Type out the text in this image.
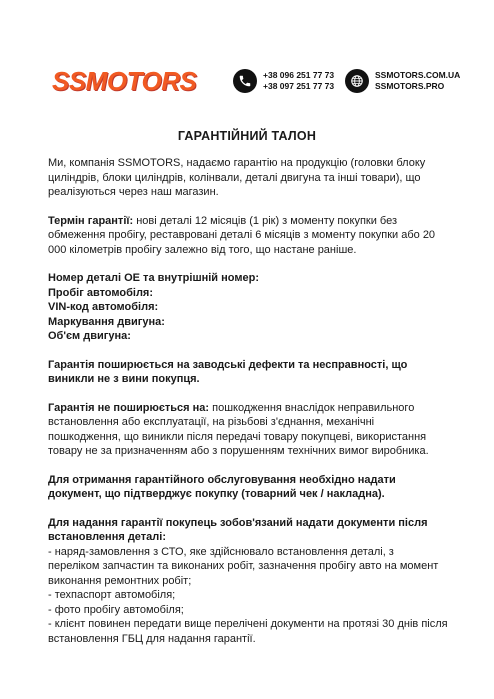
SSMOTORS	+38 096 251 77 73
+38 097 251 77 73
SSMOTORS.COM.UA
SSMOTORS.PRO
ГАРАНТІЙНИЙ ТАЛОН

Ми, компанія SSMOTORS, надаємо гарантію на продукцію (головки блоку циліндрів, блоки циліндрів, колінвали, деталі двигуна та інші товари), що реалізуються через наш магазин.

Термін гарантії: нові деталі 12 місяців (1 рік) з моменту покупки без обмеження пробігу, реставровані деталі 6 місяців з моменту покупки або 20 000 кілометрів пробігу залежно від того, що настане раніше.

Номер деталі ОЕ та внутрішній номер:

Пробіг автомобіля:

VIN-код автомобіля:

Маркування двигуна:

Об'єм двигуна:

Гарантія поширюється на заводські дефекти та несправності, що виникли не з вини покупця.

Гарантія не поширюється на: пошкодження внаслідок неправильного встановлення або експлуатації, на різьбові з'єднання, механічні пошкодження, що виникли після передачі товару покупцеві, використання товару не за призначенням або з порушенням технічних вимог виробника.

Для отримання гарантійного обслуговування необхідно надати документ, що підтверджує покупку (товарний чек / накладна).

Для надання гарантії покупець зобов'язаний надати документи після встановлення деталі:
- наряд-замовлення з СТО, яке здійснювало встановлення деталі, з переліком запчастин та виконаних робіт, зазначення пробігу авто на момент виконання ремонтних робіт;
- техпаспорт автомобіля;
- фото пробігу автомобіля;
- клієнт повинен передати вище перелічені документи на протязі 30 днів після встановлення ГБЦ для надання гарантії.
